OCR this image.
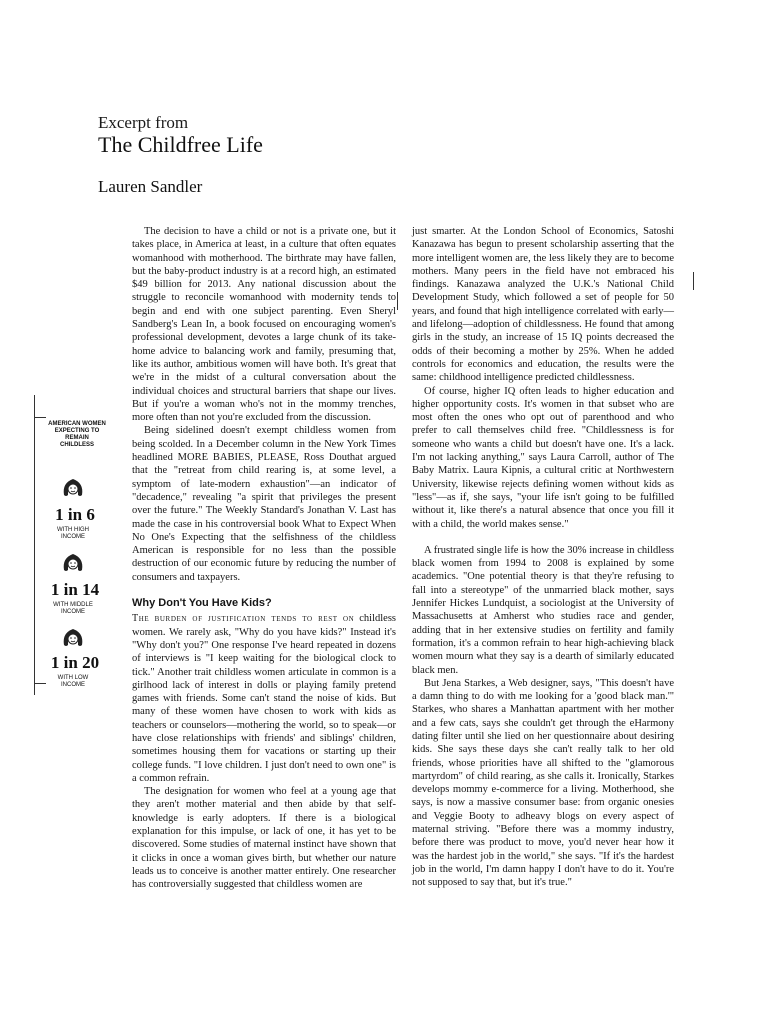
Excerpt from
The Childfree Life
Lauren Sandler
AMERICAN WOMEN EXPECTING TO REMAIN CHILDLESS
1 in 6
WITH HIGH INCOME
1 in 14
WITH MIDDLE INCOME
1 in 20
WITH LOW INCOME

The decision to have a child or not is a private one, but it takes place, in America at least, in a culture that often equates womanhood with motherhood. The birthrate may have fallen, but the baby-product industry is at a record high, an estimated $49 billion for 2013. Any national discussion about the struggle to reconcile womanhood with modernity tends to begin and end with one subject parenting. Even Sheryl Sandberg's Lean In, a book focused on encouraging women's professional development, devotes a large chunk of its take-home advice to balancing work and family, presuming that, like its author, ambitious women will have both. It's great that we're in the midst of a cultural conversation about the individual choices and structural barriers that shape our lives. But if you're a woman who's not in the mommy trenches, more often than not you're excluded from the discussion.

Being sidelined doesn't exempt childless women from being scolded. In a December column in the New York Times headlined MORE BABIES, PLEASE, Ross Douthat argued that the "retreat from child rearing is, at some level, a symptom of late-modern exhaustion"—an indicator of "decadence," revealing "a spirit that privileges the present over the future." The Weekly Standard's Jonathan V. Last has made the case in his controversial book What to Expect When No One's Expecting that the selfishness of the childless American is responsible for no less than the possible destruction of our economic future by reducing the number of consumers and taxpayers.

Why Don't You Have Kids?

The burden of justification tends to rest on childless women. We rarely ask, "Why do you have kids?" Instead it's "Why don't you?" One response I've heard repeated in dozens of interviews is "I keep waiting for the biological clock to tick." Another trait childless women articulate in common is a girlhood lack of interest in dolls or playing family pretend games with friends. Some can't stand the noise of kids. But many of these women have chosen to work with kids as teachers or counselors—mothering the world, so to speak—or have close relationships with friends' and siblings' children, sometimes housing them for vacations or starting up their college funds. "I love children. I just don't need to own one" is a common refrain.

The designation for women who feel at a young age that they aren't mother material and then abide by that self-knowledge is early adopters. If there is a biological explanation for this impulse, or lack of one, it has yet to be discovered. Some studies of maternal instinct have shown that it clicks in once a woman gives birth, but whether our nature leads us to conceive is another matter entirely. One researcher has controversially suggested that childless women are

just smarter. At the London School of Economics, Satoshi Kanazawa has begun to present scholarship asserting that the more intelligent women are, the less likely they are to become mothers. Many peers in the field have not embraced his findings. Kanazawa analyzed the U.K.'s National Child Development Study, which followed a set of people for 50 years, and found that high intelligence correlated with early—and lifelong—adoption of childlessness. He found that among girls in the study, an increase of 15 IQ points decreased the odds of their becoming a mother by 25%. When he added controls for economics and education, the results were the same: childhood intelligence predicted childlessness.

Of course, higher IQ often leads to higher education and higher opportunity costs. It's women in that subset who are most often the ones who opt out of parenthood and who prefer to call themselves child free. "Childlessness is for someone who wants a child but doesn't have one. It's a lack. I'm not lacking anything," says Laura Carroll, author of The Baby Matrix. Laura Kipnis, a cultural critic at Northwestern University, likewise rejects defining women without kids as "less"—as if, she says, "your life isn't going to be fulfilled without it, like there's a natural absence that once you fill it with a child, the world makes sense."

A frustrated single life is how the 30% increase in childless black women from 1994 to 2008 is explained by some academics. "One potential theory is that they're refusing to fall into a stereotype" of the unmarried black mother, says Jennifer Hickes Lundquist, a sociologist at the University of Massachusetts at Amherst who studies race and gender, adding that in her extensive studies on fertility and family formation, it's a common refrain to hear high-achieving black women mourn what they say is a dearth of similarly educated black men.

But Jena Starkes, a Web designer, says, "This doesn't have a damn thing to do with me looking for a 'good black man.'" Starkes, who shares a Manhattan apartment with her mother and a few cats, says she couldn't get through the eHarmony dating filter until she lied on her questionnaire about desiring kids. She says these days she can't really talk to her old friends, whose priorities have all shifted to the "glamorous martyrdom" of child rearing, as she calls it. Ironically, Starkes develops mommy e-commerce for a living. Motherhood, she says, is now a massive consumer base: from organic onesies and Veggie Booty to adheavy blogs on every aspect of maternal striving. "Before there was a mommy industry, before there was product to move, you'd never hear how it was the hardest job in the world," she says. "If it's the hardest job in the world, I'm damn happy I don't have to do it. You're not supposed to say that, but it's true."
